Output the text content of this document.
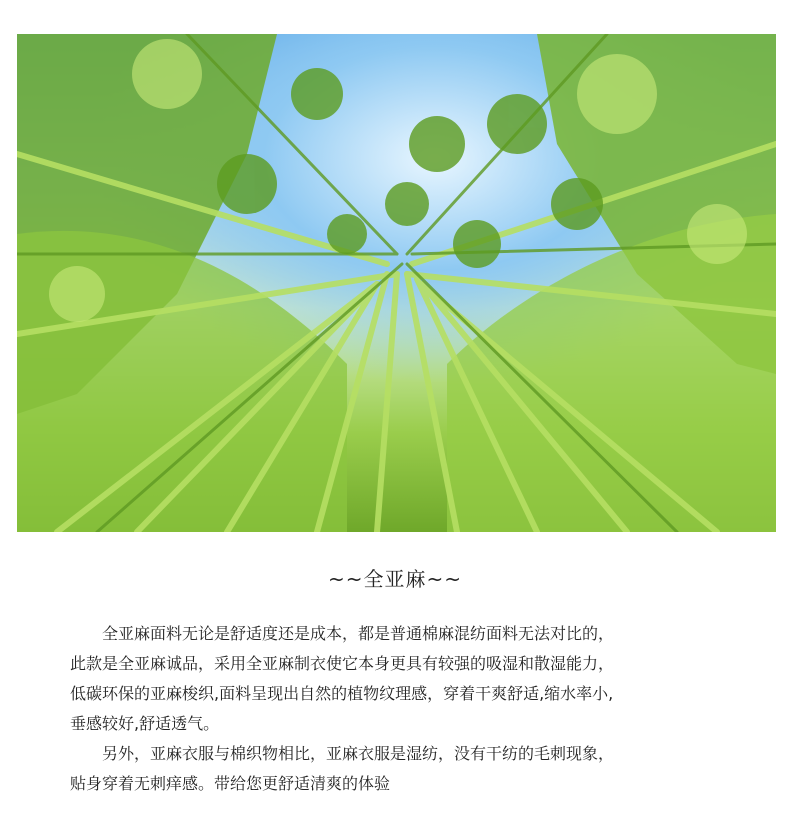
~~全亚麻~~

全亚麻面料无论是舒适度还是成本，都是普通棉麻混纺面料无法对比的，

此款是全亚麻诚品，采用全亚麻制衣使它本身更具有较强的吸湿和散湿能力，

低碳环保的亚麻梭织,面料呈现出自然的植物纹理感，穿着干爽舒适,缩水率小,

垂感较好,舒适透气。

另外，亚麻衣服与棉织物相比，亚麻衣服是湿纺，没有干纺的毛刺现象，

贴身穿着无刺痒感。带给您更舒适清爽的体验
